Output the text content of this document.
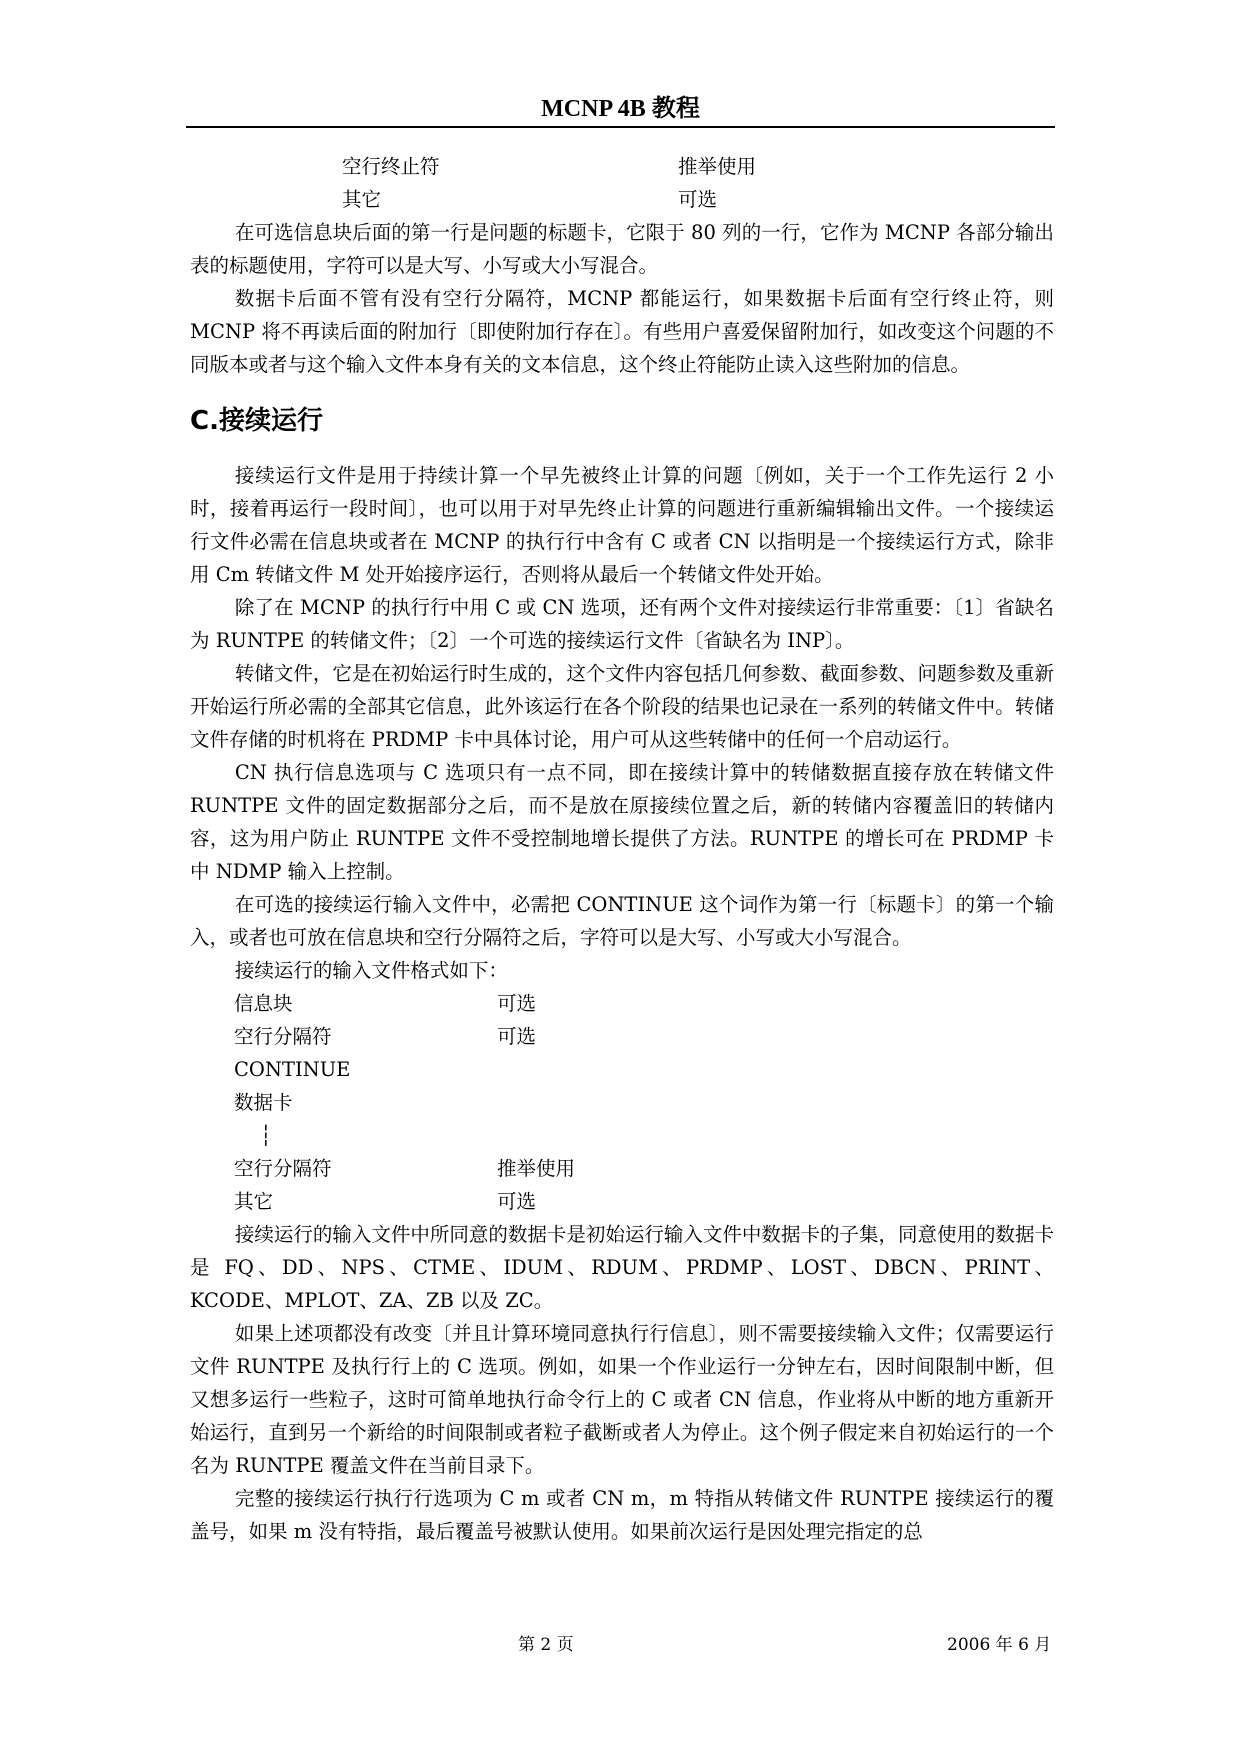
MCNP 4B 教程
空行终止符	推举使用
其它	可选

在可选信息块后面的第一行是问题的标题卡，它限于 80 列的一行，它作为 MCNP 各部分输出表的标题使用，字符可以是大写、小写或大小写混合。

数据卡后面不管有没有空行分隔符，MCNP 都能运行，如果数据卡后面有空行终止符，则 MCNP 将不再读后面的附加行〔即使附加行存在〕。有些用户喜爱保留附加行，如改变这个问题的不同版本或者与这个输入文件本身有关的文本信息，这个终止符能防止读入这些附加的信息。

C.接续运行

接续运行文件是用于持续计算一个早先被终止计算的问题〔例如，关于一个工作先运行 2 小时，接着再运行一段时间〕，也可以用于对早先终止计算的问题进行重新编辑输出文件。一个接续运行文件必需在信息块或者在 MCNP 的执行行中含有 C 或者 CN 以指明是一个接续运行方式，除非用 Cm 转储文件 M 处开始接序运行，否则将从最后一个转储文件处开始。

除了在 MCNP 的执行行中用 C 或 CN 选项，还有两个文件对接续运行非常重要：〔1〕省缺名为 RUNTPE 的转储文件；〔2〕一个可选的接续运行文件〔省缺名为 INP〕。

转储文件，它是在初始运行时生成的，这个文件内容包括几何参数、截面参数、问题参数及重新开始运行所必需的全部其它信息，此外该运行在各个阶段的结果也记录在一系列的转储文件中。转储文件存储的时机将在 PRDMP 卡中具体讨论，用户可从这些转储中的任何一个启动运行。

CN 执行信息选项与 C 选项只有一点不同，即在接续计算中的转储数据直接存放在转储文件 RUNTPE 文件的固定数据部分之后，而不是放在原接续位置之后，新的转储内容覆盖旧的转储内容，这为用户防止 RUNTPE 文件不受控制地增长提供了方法。RUNTPE 的增长可在 PRDMP 卡中 NDMP 输入上控制。

在可选的接续运行输入文件中，必需把 CONTINUE 这个词作为第一行〔标题卡〕的第一个输入，或者也可放在信息块和空行分隔符之后，字符可以是大写、小写或大小写混合。

接续运行的输入文件格式如下：

信息块	可选
空行分隔符	可选
CONTINUE
数据卡
┆
空行分隔符	推举使用
其它	可选

接续运行的输入文件中所同意的数据卡是初始运行输入文件中数据卡的子集，同意使用的数据卡是 FQ、DD、NPS、CTME、IDUM、RDUM、PRDMP、LOST、DBCN、PRINT、KCODE、MPLOT、ZA、ZB 以及 ZC。

如果上述项都没有改变〔并且计算环境同意执行行信息〕，则不需要接续输入文件；仅需要运行文件 RUNTPE 及执行行上的 C 选项。例如，如果一个作业运行一分钟左右，因时间限制中断，但又想多运行一些粒子，这时可简单地执行命令行上的 C 或者 CN 信息，作业将从中断的地方重新开始运行，直到另一个新给的时间限制或者粒子截断或者人为停止。这个例子假定来自初始运行的一个名为 RUNTPE 覆盖文件在当前目录下。

完整的接续运行执行行选项为 C m 或者 CN m，m 特指从转储文件 RUNTPE 接续运行的覆盖号，如果 m 没有特指，最后覆盖号被默认使用。如果前次运行是因处理完指定的总

第 2 页	2006 年 6 月
